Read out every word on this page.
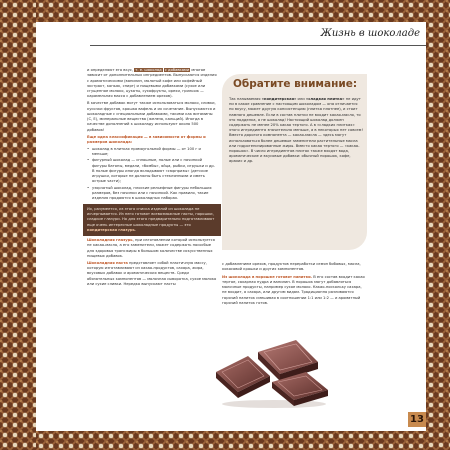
Жизнь в шоколаде

и определяют его вкус, т. е. шоколад с добавками многое зависит от дополнительных ингредиентов. Выпускаются изделия с ароматическими (ванилин, молотый кофе или кофейный экстракт, коньяк, спирт) и пищевыми добавками (сухое или сгущенное молоко, цукаты, сухофрукты, орехи, грильяж — карамельная масса с добавлением орехов).

В качестве добавок могут также использоваться молоко, сливки, кусочки фруктов, крошка вафель и их сочетание. Выпускаются и шоколадные с специальными добавками, такими как витамины (С, Е), минеральные вещества (железо, кальций). Иногда в качестве дополнений к шоколаду используют около 500 добавок!

Еще одна классификация — в зависимости от формы и размеров шоколада:

• шоколад в плитках прямоугольной формы — от 100 г и меньше;
• фигурный шоколад — сплошные, полые или с начинкой фигуры батоны, медали, «бомбы», яйца, рыбки, игрушки и др. В полые фигуры иногда вкладывают «сюрпризы» (детские игрушки, которые не должны быть стеклянными и иметь острые части);
• узорчатый шоколад, плоские рельефные фигуры небольших размеров, без начинки или с начинкой. Как правило, такие изделия продаются в шоколадных наборах.
Их, разумеется, из этого списка изделий из шоколада не исчерпывается. Из него готовят всевозможные пасты, порошки, сладкие глазури. Но для этого предварительно подготавливают еще очень интересные шоколадные продукты — это кондитерская глазурь.

Шоколадная глазурь, при изготовлении которой используется не какао-масло, а его заменители, может содержать пососбые для здоровья трансжиры в большом количестве искусственных пищевых добавок.

Шоколадная паста представляет собой пластичную массу, которую изготавливают из какао-продуктов, сахара, жира, вкусовых добавок и ароматических веществ. Среди обязательных компонентов — молочная сыворотка, сухое молоко или сухие сливки. Нередко выпускают пасты

Обратите внимание:
Так называемая «кондитерская» или «сладкая плитка» не идут ни в какое сравнение с настоящим шоколадом — она отличается по вкусу, может другую консистенцию (плитка плотнее), и стоит намного дешевле. Если в состав плитки не входит какао-масло, то это подделка, а не шоколад! Настоящий шоколад должен содержать не менее 20% какао тертого. А в «сладких плитках» этого ингредиента значительно меньше, а в некоторых нет совсем! Вместо дорогого компонента — какао-масла — здесь могут использоваться более дешевые заменители растительные масла или гидрогенизированные жиры. Вместо какао тертого — «какао-порошок». В число ингредиентов плиток также входят вода, ароматические и вкусовые добавки: обычный порошок, кофе, арахис и др.

с добавлением орехов, продуктов переработки семян бобовых, масла, кокосовой крошки и других компонентов.

Из шоколада в порошке готовят напитки. В его состав входит какао тертое, сахарная пудра и ванилин. В порошок могут добавляться молочные продукты, например сухое молоко. Какао-поскольку сахара, не входит, а сахара, или другим видам. Традиционно разливаются горячий напиток смешивая в соотношении 1:1 или 1:2 — и ароматный горячий напиток готов.

13
